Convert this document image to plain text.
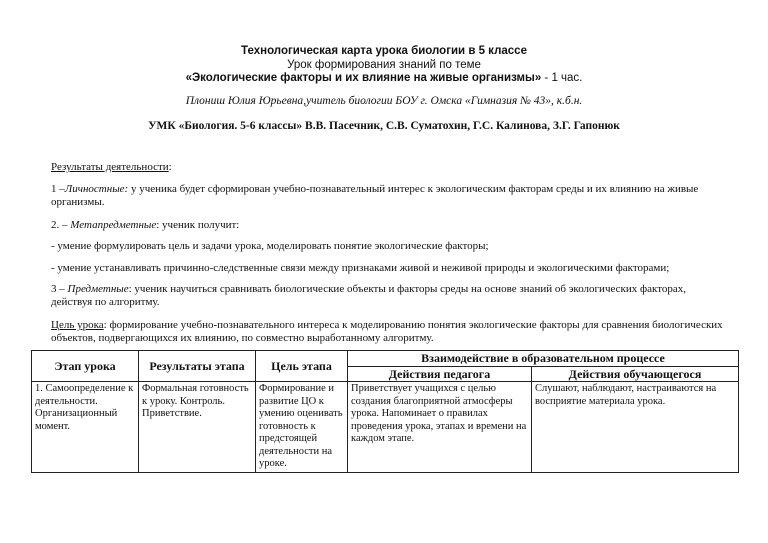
Технологическая карта урока биологии в 5 классе
Урок формирования знаний по теме
«Экологические факторы и их влияние на живые организмы» - 1 час.
Плониш Юлия Юрьевна,учитель биологии БОУ г. Омска «Гимназия № 43», к.б.н.
УМК «Биология. 5-6 классы» В.В. Пасечник, С.В. Суматохин, Г.С. Калинова, З.Г. Гапонюк
Результаты деятельности:
1 –Личностные: у ученика будет сформирован учебно-познавательный интерес к экологическим факторам среды и их влиянию на живые организмы.
2. – Метапредметные: ученик получит:
- умение формулировать цель и задачи урока, моделировать понятие экологические факторы;
- умение устанавливать причинно-следственные связи между признаками живой и неживой природы и экологическими факторами;
3 – Предметные: ученик научиться сравнивать биологические объекты и факторы среды на основе знаний об экологических факторах, действуя по алгоритму.
Цель урока: формирование учебно-познавательного интереса к моделированию понятия экологические факторы для сравнения биологических объектов, подвергающихся их влиянию, по совместно выработанному алгоритму.
Этап урока	Результаты этапа	Цель этапа	Взаимодействие в образовательном процессе	
			Действия педагога	Действия обучающегося
1. Самоопределение к деятельности. Организационный момент.	Формальная готовность к уроку. Контроль. Приветствие.	Формирование и развитие ЦО к умению оценивать готовность к предстоящей деятельности на уроке.	Приветствует учащихся с целью создания благоприятной атмосферы урока. Напоминает о правилах проведения урока, этапах и времени на каждом этапе.	Слушают, наблюдают, настраиваются на восприятие материала урока.
